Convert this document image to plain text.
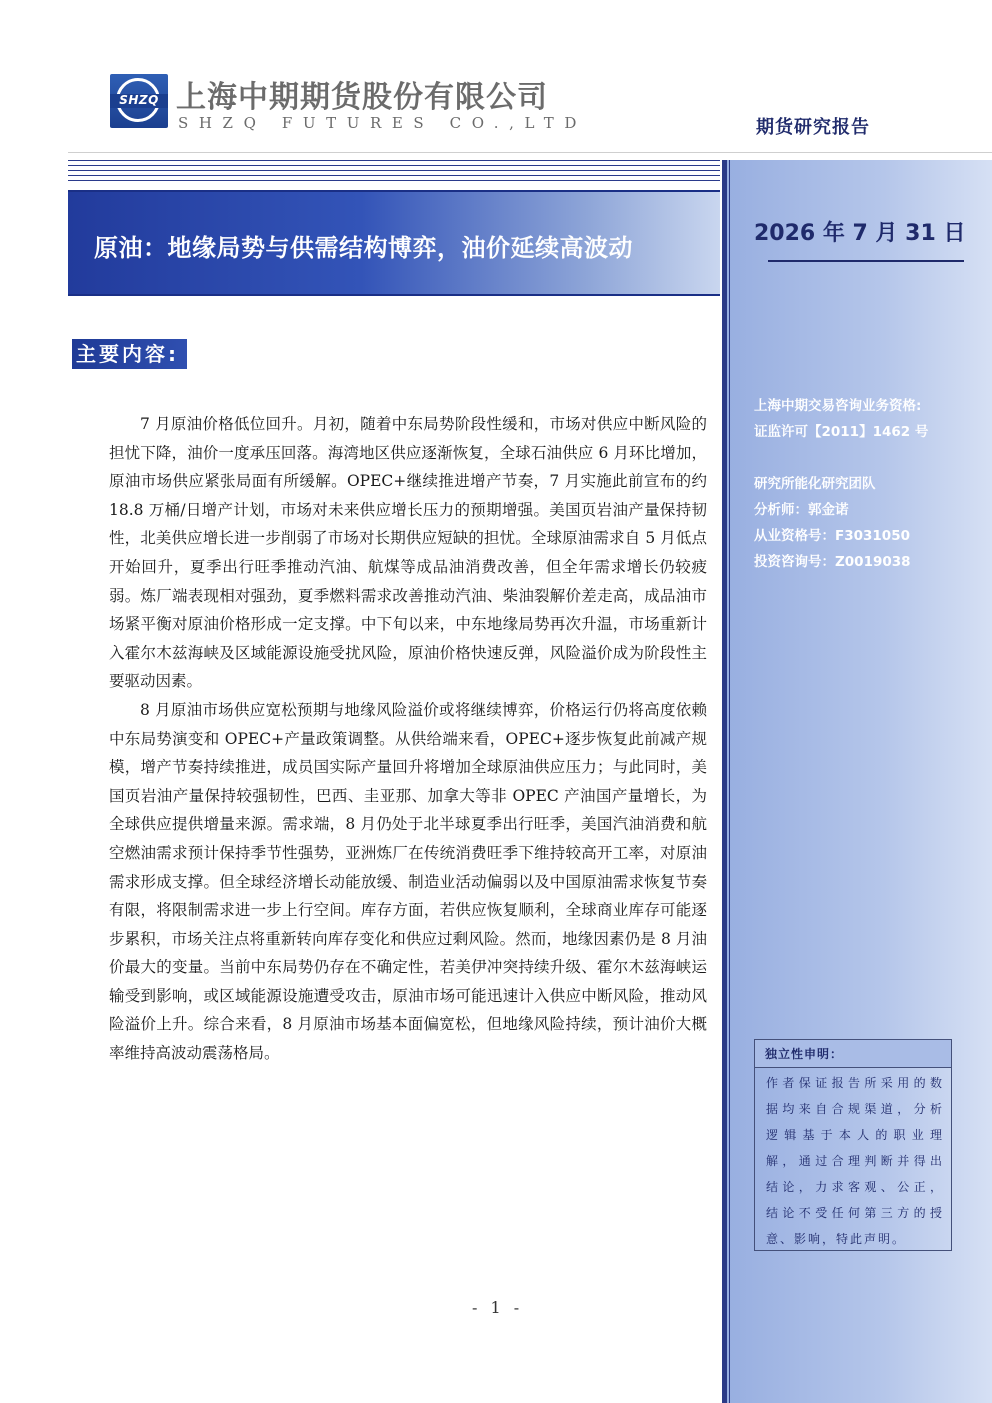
SHZQ 上海中期期货股份有限公司
SHZQ FUTURES CO.,LTD	期货研究报告
原油：地缘局势与供需结构博弈，油价延续高波动
2026 年 7 月 31 日
上海中期交易咨询业务资格:
证监许可【2011】1462 号
研究所能化研究团队
分析师：郭金诺
从业资格号：F3031050
投资咨询号：Z0019038
独立性申明：
作者保证报告所采用的数
据均来自合规渠道，分析
逻辑基于本人的职业理
解，通过合理判断并得出
结论，力求客观、公正，
结论不受任何第三方的授
意、影响，特此声明。
主要内容:

7 月原油价格低位回升。月初，随着中东局势阶段性缓和，市场对供应中断风险的担忧下降，油价一度承压回落。海湾地区供应逐渐恢复，全球石油供应 6 月环比增加，原油市场供应紧张局面有所缓解。OPEC+继续推进增产节奏，7 月实施此前宣布的约 18.8 万桶/日增产计划，市场对未来供应增长压力的预期增强。美国页岩油产量保持韧性，北美供应增长进一步削弱了市场对长期供应短缺的担忧。全球原油需求自 5 月低点开始回升，夏季出行旺季推动汽油、航煤等成品油消费改善，但全年需求增长仍较疲弱。炼厂端表现相对强劲，夏季燃料需求改善推动汽油、柴油裂解价差走高，成品油市场紧平衡对原油价格形成一定支撑。中下旬以来，中东地缘局势再次升温，市场重新计入霍尔木兹海峡及区域能源设施受扰风险，原油价格快速反弹，风险溢价成为阶段性主要驱动因素。

8 月原油市场供应宽松预期与地缘风险溢价或将继续博弈，价格运行仍将高度依赖中东局势演变和 OPEC+产量政策调整。从供给端来看，OPEC+逐步恢复此前减产规模，增产节奏持续推进，成员国实际产量回升将增加全球原油供应压力；与此同时，美国页岩油产量保持较强韧性，巴西、圭亚那、加拿大等非 OPEC 产油国产量增长，为全球供应提供增量来源。需求端，8 月仍处于北半球夏季出行旺季，美国汽油消费和航空燃油需求预计保持季节性强势，亚洲炼厂在传统消费旺季下维持较高开工率，对原油需求形成支撑。但全球经济增长动能放缓、制造业活动偏弱以及中国原油需求恢复节奏有限，将限制需求进一步上行空间。库存方面，若供应恢复顺利，全球商业库存可能逐步累积，市场关注点将重新转向库存变化和供应过剩风险。然而，地缘因素仍是 8 月油价最大的变量。当前中东局势仍存在不确定性，若美伊冲突持续升级、霍尔木兹海峡运输受到影响，或区域能源设施遭受攻击，原油市场可能迅速计入供应中断风险，推动风险溢价上升。综合来看，8 月原油市场基本面偏宽松，但地缘风险持续，预计油价大概率维持高波动震荡格局。

- 1 -
